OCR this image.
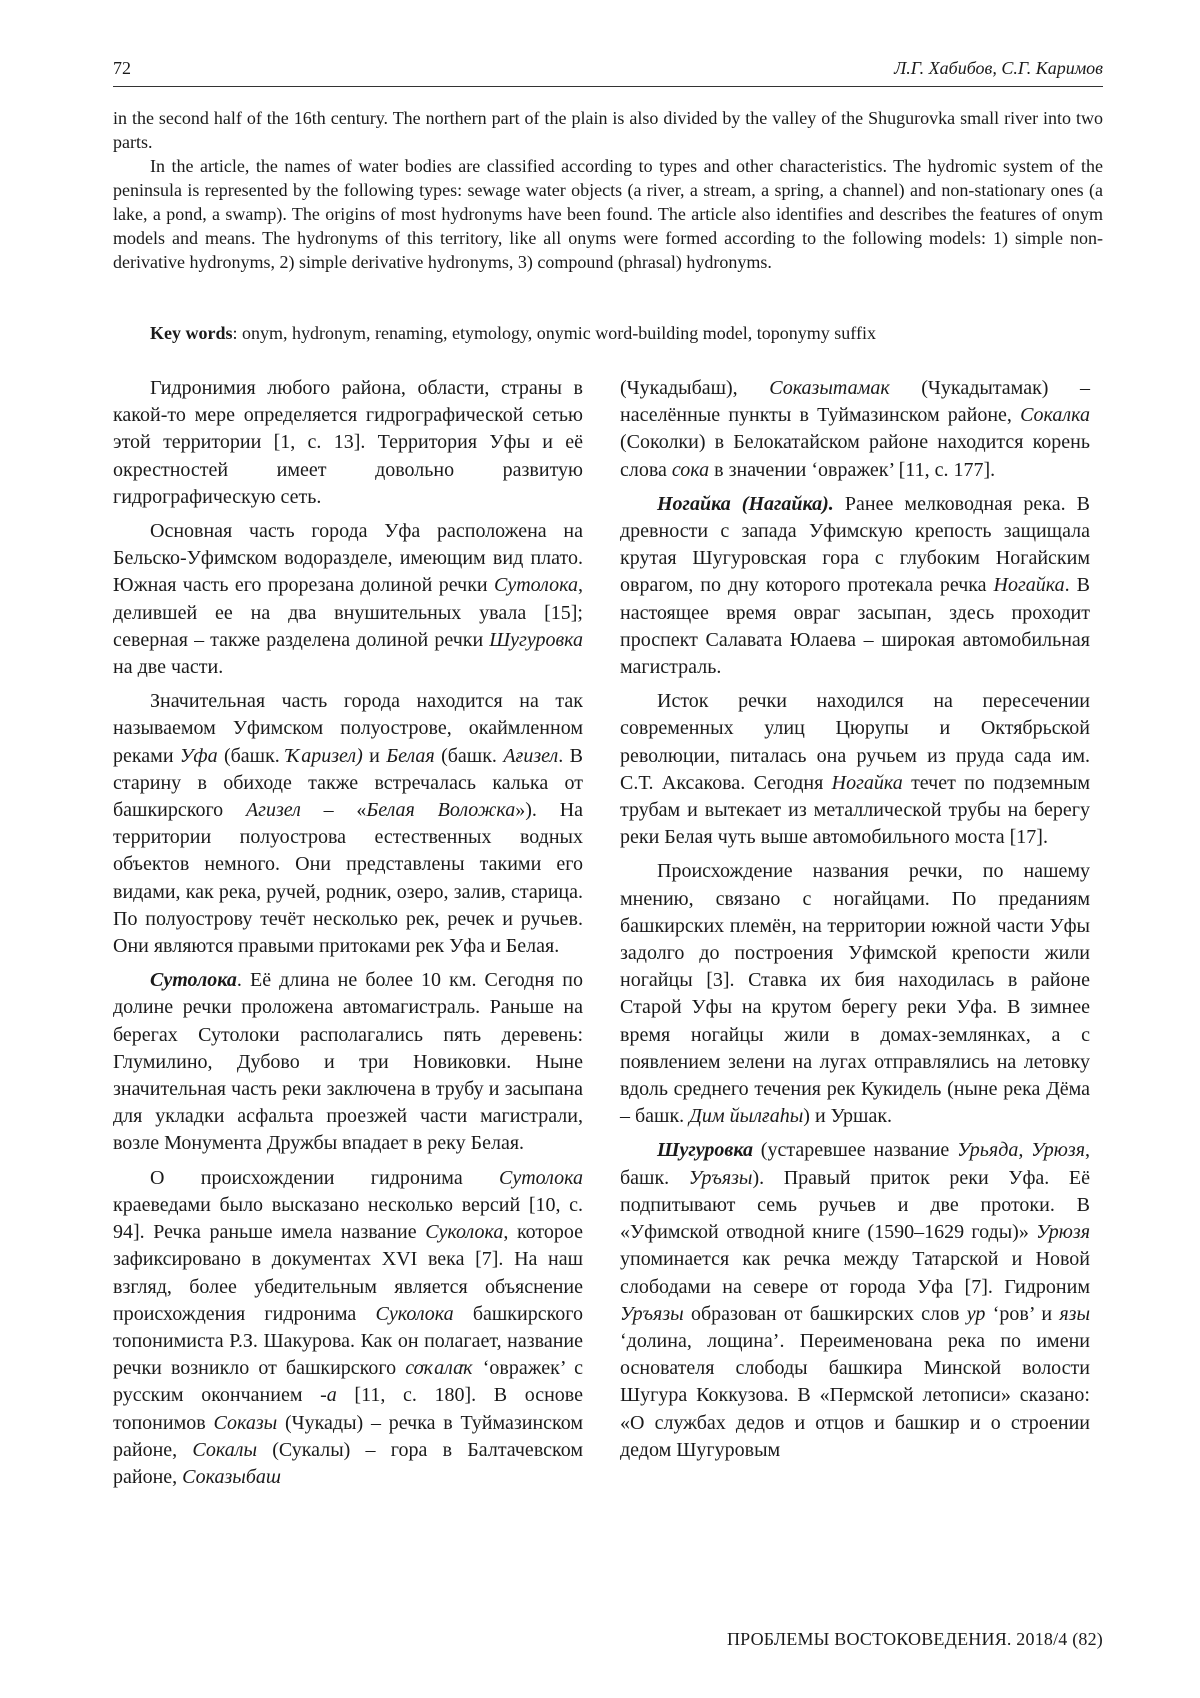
72	Л.Г. Хабибов, С.Г. Каримов

in the second half of the 16th century. The northern part of the plain is also divided by the valley of the Shugurovka small river into two parts.

In the article, the names of water bodies are classified according to types and other characteristics. The hydromic system of the peninsula is represented by the following types: sewage water objects (a river, a stream, a spring, a channel) and non-stationary ones (a lake, a pond, a swamp). The origins of most hydronyms have been found. The article also identifies and describes the features of onym models and means. The hydronyms of this territory, like all onyms were formed according to the following models: 1) simple non-derivative hydronyms, 2) simple derivative hydronyms, 3) compound (phrasal) hydronyms.

Key words: onym, hydronym, renaming, etymology, onymic word-building model, toponymy suffix

Гидронимия любого района, области, страны в какой-то мере определяется гидрографической сетью этой территории [1, с. 13]. Территория Уфы и её окрестностей имеет довольно развитую гидрографическую сеть.

Основная часть города Уфа расположена на Бельско-Уфимском водоразделе, имеющим вид плато. Южная часть его прорезана долиной речки Сутолока, делившей ее на два внушительных увала [15]; северная – также разделена долиной речки Шугуровка на две части.

Значительная часть города находится на так называемом Уфимском полуострове, окаймленном реками Уфа (башк. Ҡаризел) и Белая (башк. Ағизел. В старину в обиходе также встречалась калька от башкирского Агизел – «Белая Воложка»). На территории полуострова естественных водных объектов немного. Они представлены такими его видами, как река, ручей, родник, озеро, залив, старица. По полуострову течёт несколько рек, речек и ручьев. Они являются правыми притоками рек Уфа и Белая.

Сутолока. Её длина не более 10 км. Сегодня по долине речки проложена автомагистраль. Раньше на берегах Сутолоки располагались пять деревень: Глумилино, Дубово и три Новиковки. Ныне значительная часть реки заключена в трубу и засыпана для укладки асфальта проезжей части магистрали, возле Монумента Дружбы впадает в реку Белая.

О происхождении гидронима Сутолока краеведами было высказано несколько версий [10, с. 94]. Речка раньше имела название Суколока, которое зафиксировано в документах XVI века [7]. На наш взгляд, более убедительным является объяснение происхождения гидронима Суколока башкирского топонимиста Р.З. Шакурова. Как он полагает, название речки возникло от башкирского соҡалаҡ ‘овражек’ с русским окончанием -а [11, с. 180]. В основе топонимов Соказы (Чукады) – речка в Туймазинском районе, Сокалы (Сукалы) – гора в Балтачевском районе, Соказыбаш

(Чукадыбаш), Соказытамак (Чукадытамак) – населённые пункты в Туймазинском районе, Сокалка (Соколки) в Белокатайском районе находится корень слова сока в значении ‘овражек’ [11, с. 177].

Ногайка (Нагайка). Ранее мелководная река. В древности с запада Уфимскую крепость защищала крутая Шугуровская гора с глубоким Ногайским оврагом, по дну которого протекала речка Ногайка. В настоящее время овраг засыпан, здесь проходит проспект Салавата Юлаева – широкая автомобильная магистраль.

Исток речки находился на пересечении современных улиц Цюрупы и Октябрьской революции, питалась она ручьем из пруда сада им. С.Т. Аксакова. Сегодня Ногайка течет по подземным трубам и вытекает из металлической трубы на берегу реки Белая чуть выше автомобильного моста [17].

Происхождение названия речки, по нашему мнению, связано с ногайцами. По преданиям башкирских племён, на территории южной части Уфы задолго до построения Уфимской крепости жили ногайцы [3]. Ставка их бия находилась в районе Старой Уфы на крутом берегу реки Уфа. В зимнее время ногайцы жили в домах-землянках, а с появлением зелени на лугах отправлялись на летовку вдоль среднего течения рек Кукидель (ныне река Дёма – башк. Дим йылғаһы) и Уршак.

Шугуровка (устаревшее название Урьяда, Урюзя, башк. Уръязы). Правый приток реки Уфа. Её подпитывают семь ручьев и две протоки. В «Уфимской отводной книге (1590–1629 годы)» Урюзя упоминается как речка между Татарской и Новой слободами на севере от города Уфа [7]. Гидроним Уръязы образован от башкирских слов ур ‘ров’ и язы ‘долина, лощина’. Переименована река по имени основателя слободы башкира Минской волости Шугура Коккузова. В «Пермской летописи» сказано: «О службах дедов и отцов и башкир и о строении дедом Шугуровым

ПРОБЛЕМЫ ВОСТОКОВЕДЕНИЯ. 2018/4 (82)
